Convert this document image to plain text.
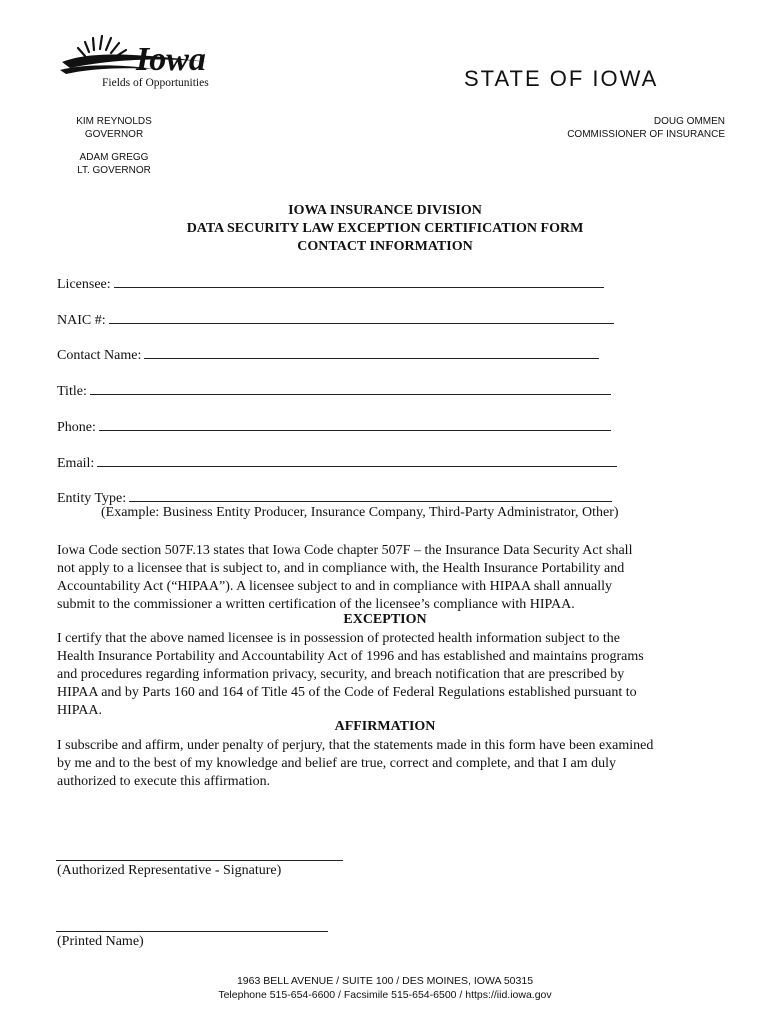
Iowa
Fields of Opportunities	STATE OF IOWA
KIM REYNOLDS
GOVERNOR
ADAM GREGG
LT. GOVERNOR
DOUG OMMEN
COMMISSIONER OF INSURANCE
IOWA INSURANCE DIVISION
DATA SECURITY LAW EXCEPTION CERTIFICATION FORM
CONTACT INFORMATION
Licensee:
NAIC #:
Contact Name:
Title:
Phone:
Email:
Entity Type:
(Example: Business Entity Producer, Insurance Company, Third-Party Administrator, Other)
Iowa Code section 507F.13 states that Iowa Code chapter 507F – the Insurance Data Security Act shall
not apply to a licensee that is subject to, and in compliance with, the Health Insurance Portability and
Accountability Act (“HIPAA”). A licensee subject to and in compliance with HIPAA shall annually
submit to the commissioner a written certification of the licensee’s compliance with HIPAA.
EXCEPTION
I certify that the above named licensee is in possession of protected health information subject to the
Health Insurance Portability and Accountability Act of 1996 and has established and maintains programs
and procedures regarding information privacy, security, and breach notification that are prescribed by
HIPAA and by Parts 160 and 164 of Title 45 of the Code of Federal Regulations established pursuant to
HIPAA.
AFFIRMATION
I subscribe and affirm, under penalty of perjury, that the statements made in this form have been examined
by me and to the best of my knowledge and belief are true, correct and complete, and that I am duly
authorized to execute this affirmation.
(Authorized Representative - Signature)
(Printed Name)
1963 BELL AVENUE / SUITE 100 / DES MOINES, IOWA 50315
Telephone 515-654-6600 / Facsimile 515-654-6500 / https://iid.iowa.gov
